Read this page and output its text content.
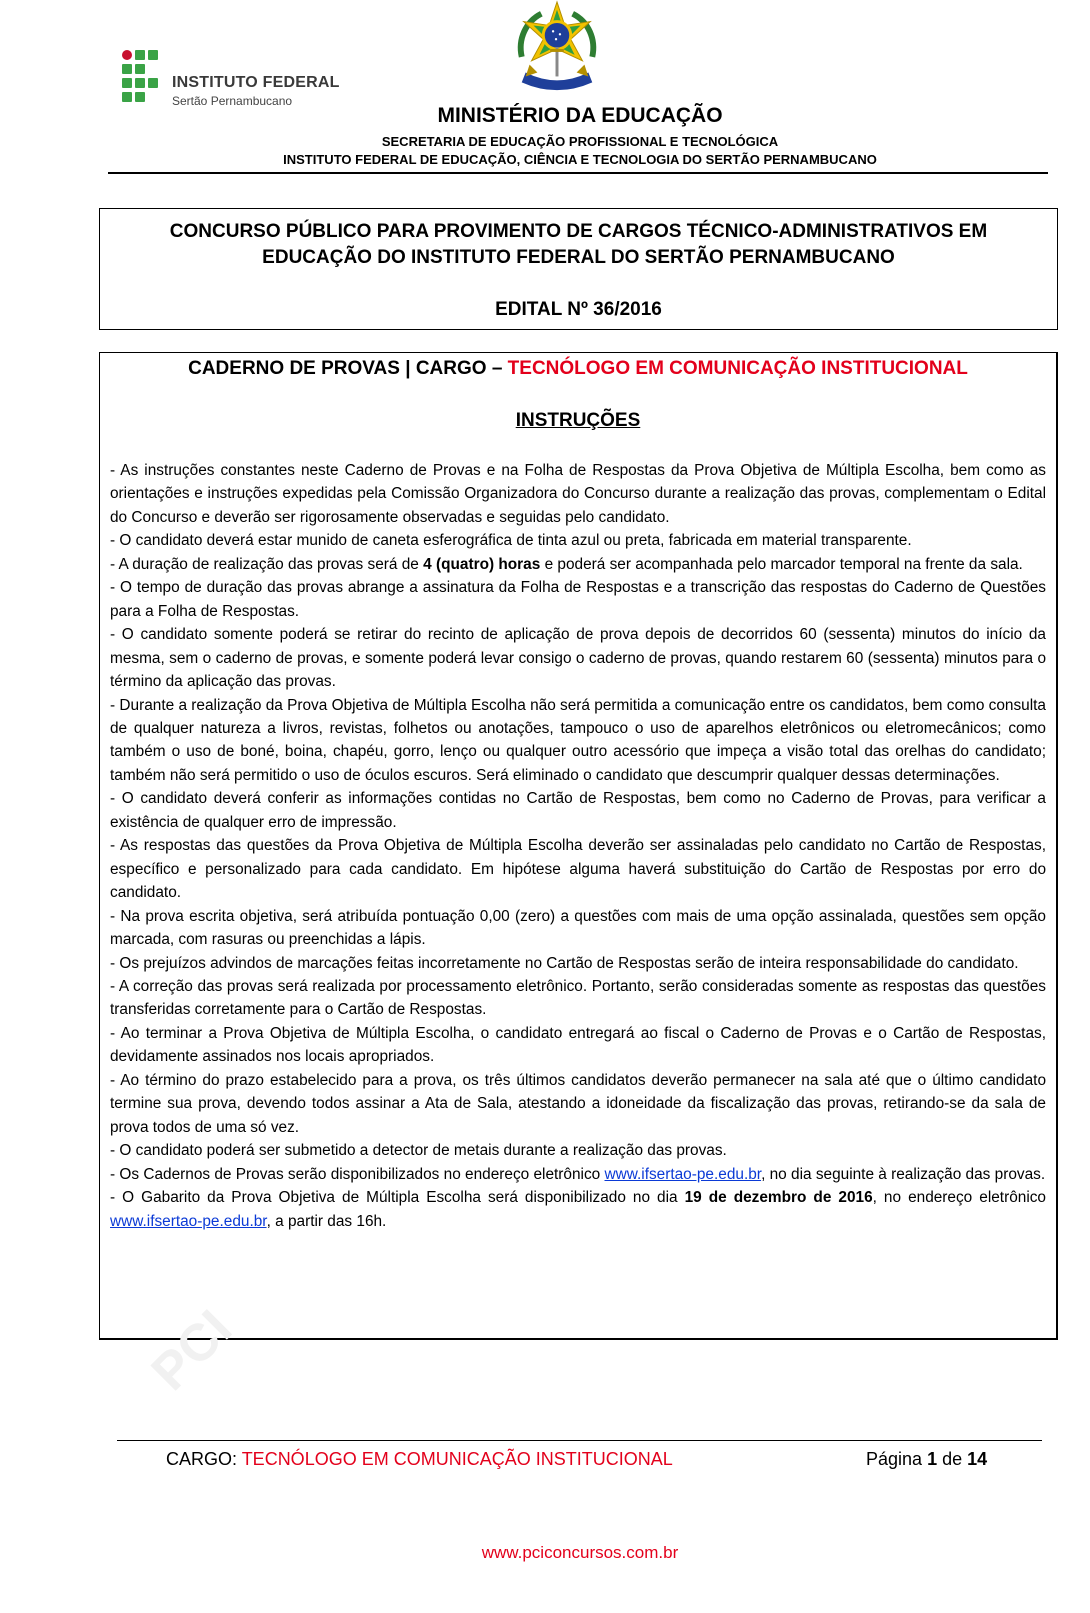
INSTITUTO FEDERAL
Sertão Pernambucano
MINISTÉRIO DA EDUCAÇÃO
SECRETARIA DE EDUCAÇÃO PROFISSIONAL E TECNOLÓGICA
INSTITUTO FEDERAL DE EDUCAÇÃO, CIÊNCIA E TECNOLOGIA DO SERTÃO PERNAMBUCANO
CONCURSO PÚBLICO PARA PROVIMENTO DE CARGOS TÉCNICO-ADMINISTRATIVOS EM
EDUCAÇÃO DO INSTITUTO FEDERAL DO SERTÃO PERNAMBUCANO
EDITAL Nº 36/2016
CADERNO DE PROVAS | CARGO – TECNÓLOGO EM COMUNICAÇÃO INSTITUCIONAL
INSTRUÇÕES

- As instruções constantes neste Caderno de Provas e na Folha de Respostas da Prova Objetiva de Múltipla Escolha, bem como as orientações e instruções expedidas pela Comissão Organizadora do Concurso durante a realização das provas, complementam o Edital do Concurso e deverão ser rigorosamente observadas e seguidas pelo candidato.

- O candidato deverá estar munido de caneta esferográfica de tinta azul ou preta, fabricada em material transparente.

- A duração de realização das provas será de 4 (quatro) horas e poderá ser acompanhada pelo marcador temporal na frente da sala.

- O tempo de duração das provas abrange a assinatura da Folha de Respostas e a transcrição das respostas do Caderno de Questões para a Folha de Respostas.

- O candidato somente poderá se retirar do recinto de aplicação de prova depois de decorridos 60 (sessenta) minutos do início da mesma, sem o caderno de provas, e somente poderá levar consigo o caderno de provas, quando restarem 60 (sessenta) minutos para o término da aplicação das provas.

- Durante a realização da Prova Objetiva de Múltipla Escolha não será permitida a comunicação entre os candidatos, bem como consulta de qualquer natureza a livros, revistas, folhetos ou anotações, tampouco o uso de aparelhos eletrônicos ou eletromecânicos; como também o uso de boné, boina, chapéu, gorro, lenço ou qualquer outro acessório que impeça a visão total das orelhas do candidato; também não será permitido o uso de óculos escuros. Será eliminado o candidato que descumprir qualquer dessas determinações.

- O candidato deverá conferir as informações contidas no Cartão de Respostas, bem como no Caderno de Provas, para verificar a existência de qualquer erro de impressão.

- As respostas das questões da Prova Objetiva de Múltipla Escolha deverão ser assinaladas pelo candidato no Cartão de Respostas, específico e personalizado para cada candidato. Em hipótese alguma haverá substituição do Cartão de Respostas por erro do candidato.

- Na prova escrita objetiva, será atribuída pontuação 0,00 (zero) a questões com mais de uma opção assinalada, questões sem opção marcada, com rasuras ou preenchidas a lápis.

- Os prejuízos advindos de marcações feitas incorretamente no Cartão de Respostas serão de inteira responsabilidade do candidato.

- A correção das provas será realizada por processamento eletrônico. Portanto, serão consideradas somente as respostas das questões transferidas corretamente para o Cartão de Respostas.

- Ao terminar a Prova Objetiva de Múltipla Escolha, o candidato entregará ao fiscal o Caderno de Provas e o Cartão de Respostas, devidamente assinados nos locais apropriados.

- Ao término do prazo estabelecido para a prova, os três últimos candidatos deverão permanecer na sala até que o último candidato termine sua prova, devendo todos assinar a Ata de Sala, atestando a idoneidade da fiscalização das provas, retirando-se da sala de prova todos de uma só vez.

- O candidato poderá ser submetido a detector de metais durante a realização das provas.

- Os Cadernos de Provas serão disponibilizados no endereço eletrônico www.ifsertao-pe.edu.br, no dia seguinte à realização das provas.

- O Gabarito da Prova Objetiva de Múltipla Escolha será disponibilizado no dia 19 de dezembro de 2016, no endereço eletrônico www.ifsertao-pe.edu.br, a partir das 16h.

PCI
CARGO: TECNÓLOGO EM COMUNICAÇÃO INSTITUCIONAL	Página 1 de 14
www.pciconcursos.com.br
